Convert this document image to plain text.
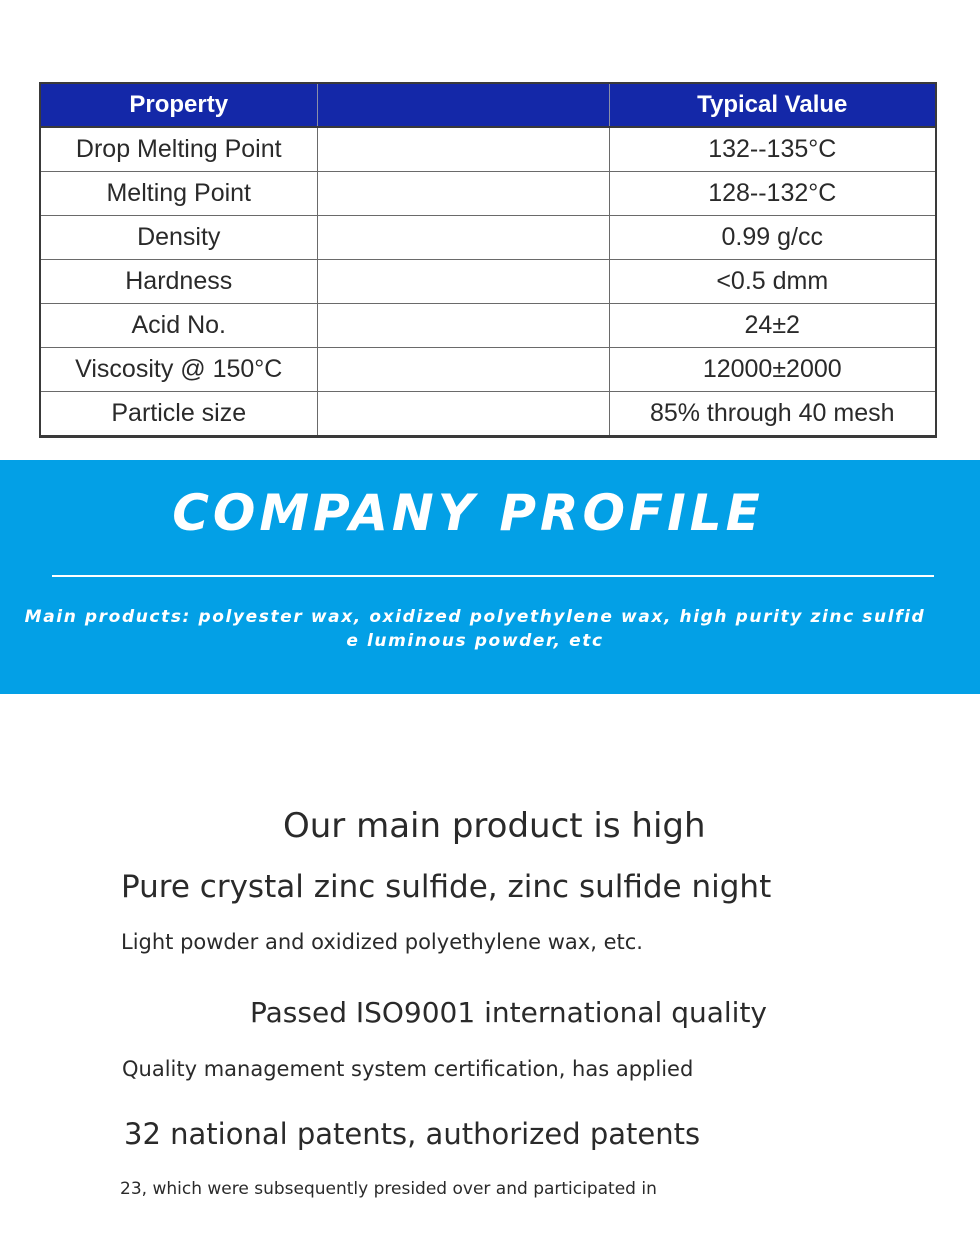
Property		Typical Value
Drop Melting Point		132--135°C
Melting Point		128--132°C
Density		0.99 g/cc
Hardness		<0.5 dmm
Acid No.		24±2
Viscosity @ 150°C		12000±2000
Particle size		85% through 40 mesh
COMPANY PROFILE

Main products: polyester wax, oxidized polyethylene wax, high purity zinc sulfide luminous powder, etc

Our main product is high

Pure crystal zinc sulfide, zinc sulfide night

Light powder and oxidized polyethylene wax, etc.

Passed ISO9001 international quality

Quality management system certification, has applied

32 national patents, authorized patents

23, which were subsequently presided over and participated in
